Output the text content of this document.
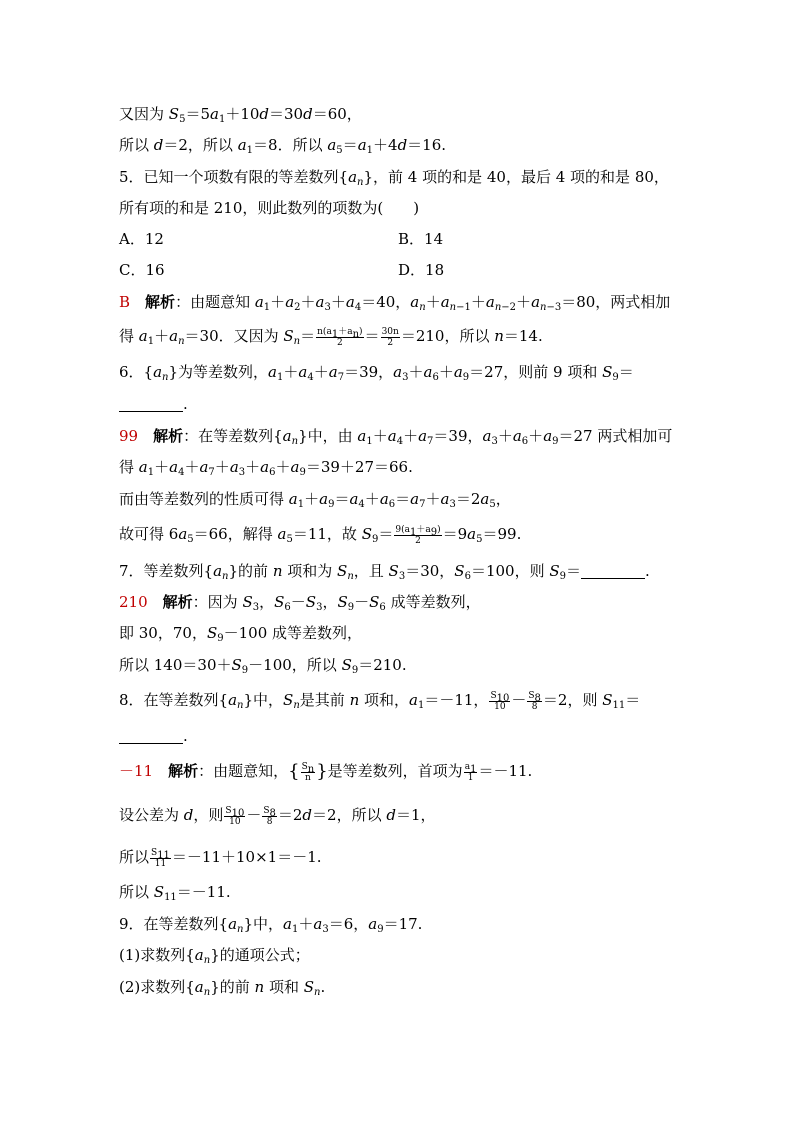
又因为 $S_5=5a_1+10d=30d=60$，
所以 d＝2，所以 $a_1=8$．所以 $a_5=a_1+4d=16$.
5．已知一个项数有限的等差数列$\{a_n\}$，前 4 项的和是 40，最后 4 项的和是 80，
所有项的和是 210，则此数列的项数为(　　)
A．12	B．14
C．16	D．18
B　 解析：由题意知 $a_1+a_2+a_3+a_4=40$，$a_n+a_{n-1}+a_{n-2}+a_{n-3}=80$，两式相加
得 $a_1+a_n=30$．又因为 $S_n= \frac{n(a_1+a_n)}{2} = \frac{30n}{2} =210$，所以 n＝14.
6．$\{a_n\}$为等差数列，$a_1+a_4+a_7=39$，$a_3+a_6+a_9=27$，则前 9 项和 $S_9=$
.
99　 解析：在等差数列$\{a_n\}$中，由 $a_1+a_4+a_7=39$，$a_3+a_6+a_9=27$ 两式相加可
得 $a_1+a_4+a_7+a_3+a_6+a_9=39+27=66$.
而由等差数列的性质可得 $a_1+a_9=a_4+a_6=a_7+a_3=2a_5$，
故可得 $6a_5=66$，解得 $a_5=11$，故 $S_9= \frac{9(a_1+a_9)}{2} =9a_5=99$.
7．等差数列$\{a_n\}$的前 n 项和为 $S_n$，且 $S_3=30$，$S_6=100$，则 $S_9=$	.
210　 解析：因为 $S_3$，$S_6-S_3$，$S_9-S_6$ 成等差数列，
即 30，70，$S_9-100$ 成等差数列，
所以 $140=30+S_9-100$，所以 $S_9=210$.
8．在等差数列$\{a_n\}$中，$S_n$是其前 n 项和，$a_1=-11$， $\frac{S_{10}}{10} - \frac{S_8}{8} =2$，则 $S_{11}=$
.
－11　 解析：由题意知，{ $\frac{S_n}{n}$ }是等差数列，首项为 $\frac{a_1}{1} =-11$.
设公差为 d，则 $\frac{S_{10}}{10} - \frac{S_8}{8} =2d=2$，所以 d＝1，
所以 $\frac{S_{11}}{11} =-11+10\times 1=-1$.
所以 $S_{11}=-11$.
9．在等差数列$\{a_n\}$中，$a_1+a_3=6$，$a_9=17$.
(1)求数列$\{a_n\}$的通项公式；
(2)求数列$\{a_n\}$的前 n 项和 $S_n$.
